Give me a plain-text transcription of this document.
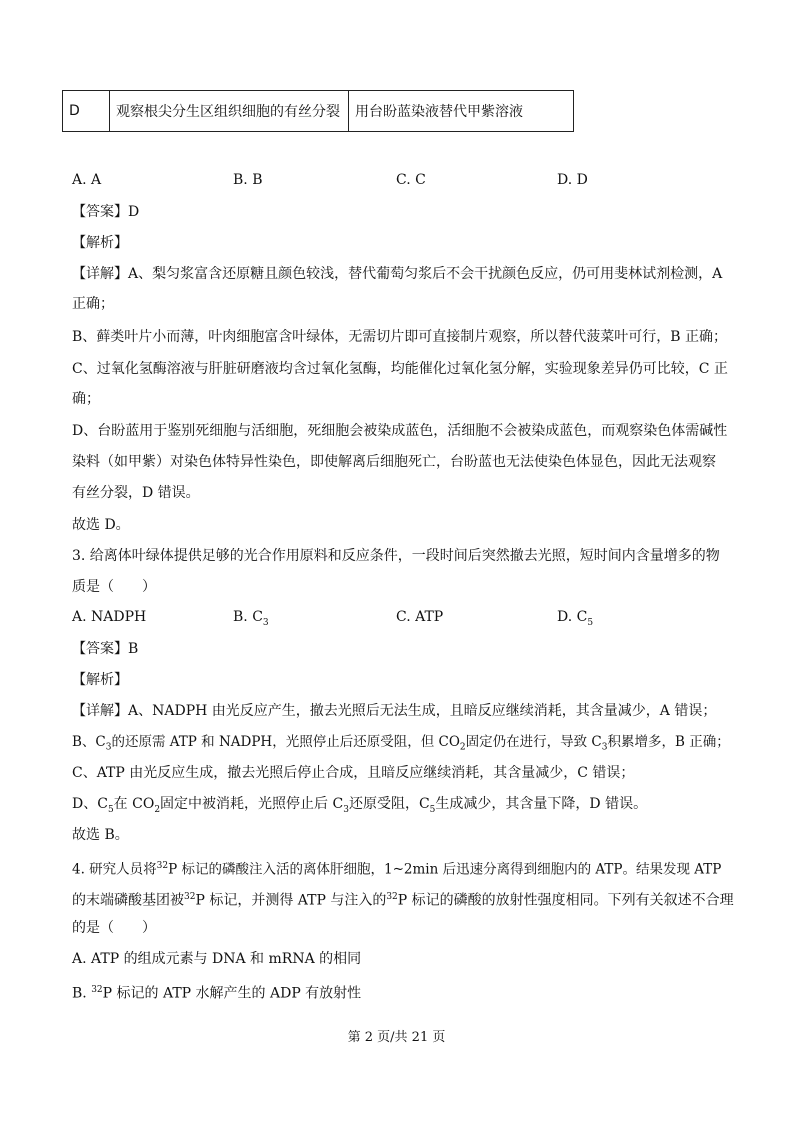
D	观察根尖分生区组织细胞的有丝分裂	用台盼蓝染液替代甲紫溶液
A. A	B. B	C. C	D. D
【答案】D
【解析】
【详解】A、梨匀浆富含还原糖且颜色较浅，替代葡萄匀浆后不会干扰颜色反应，仍可用斐林试剂检测，A
正确；
B、藓类叶片小而薄，叶肉细胞富含叶绿体，无需切片即可直接制片观察，所以替代菠菜叶可行，B 正确；
C、过氧化氢酶溶液与肝脏研磨液均含过氧化氢酶，均能催化过氧化氢分解，实验现象差异仍可比较，C 正
确；
D、台盼蓝用于鉴别死细胞与活细胞，死细胞会被染成蓝色，活细胞不会被染成蓝色，而观察染色体需碱性
染料（如甲紫）对染色体特异性染色，即使解离后细胞死亡，台盼蓝也无法使染色体显色，因此无法观察
有丝分裂，D 错误。
故选 D。
3. 给离体叶绿体提供足够的光合作用原料和反应条件，一段时间后突然撤去光照，短时间内含量增多的物
质是（　　）
A. NADPH	B. $C_3$	C. ATP	D. $C_5$
【答案】B
【解析】
【详解】A、NADPH 由光反应产生，撤去光照后无法生成，且暗反应继续消耗，其含量减少，A 错误；
B、$C_3$的还原需 ATP 和 NADPH，光照停止后还原受阻，但 $CO_2$固定仍在进行，导致 $C_3$积累增多，B 正确；
C、ATP 由光反应生成，撤去光照后停止合成，且暗反应继续消耗，其含量减少，C 错误；
D、$C_5$在 $CO_2$固定中被消耗，光照停止后 $C_3$还原受阻，$C_5$生成减少，其含量下降，D 错误。
故选 B。
4. 研究人员将$^{32}$P 标记的磷酸注入活的离体肝细胞，1~2min 后迅速分离得到细胞内的 ATP。结果发现 ATP
的末端磷酸基团被$^{32}$P 标记，并测得 ATP 与注入的$^{32}$P 标记的磷酸的放射性强度相同。下列有关叙述不合理
的是（　　）
A. ATP 的组成元素与 DNA 和 mRNA 的相同
B. $^{32}$P 标记的 ATP 水解产生的 ADP 有放射性
第 2 页/共 21 页
